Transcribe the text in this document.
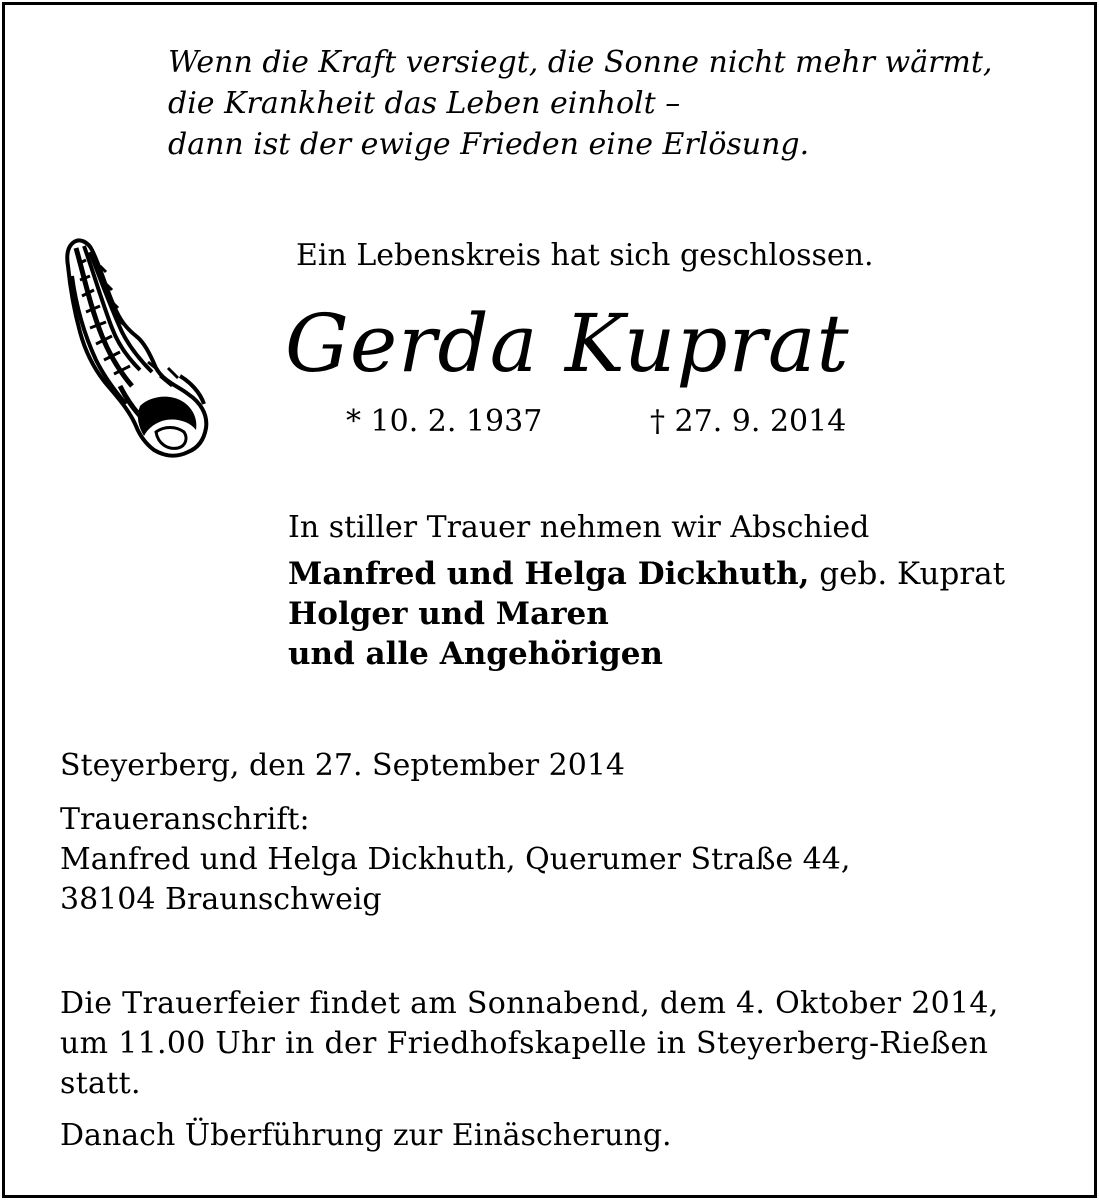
Wenn die Kraft versiegt, die Sonne nicht mehr wärmt,
die Krankheit das Leben einholt –
dann ist der ewige Frieden eine Erlösung.
Ein Lebenskreis hat sich geschlossen.
Gerda Kuprat
* 10. 2. 1937	† 27. 9. 2014
In stiller Trauer nehmen wir Abschied
Manfred und Helga Dickhuth, geb. Kuprat
Holger und Maren
und alle Angehörigen
Steyerberg, den 27. September 2014
Traueranschrift:
Manfred und Helga Dickhuth, Querumer Straße 44,
38104 Braunschweig
Die Trauerfeier findet am Sonnabend, dem 4. Oktober 2014,
um 11.00 Uhr in der Friedhofskapelle in Steyerberg-Rießen
statt.
Danach Überführung zur Einäscherung.
